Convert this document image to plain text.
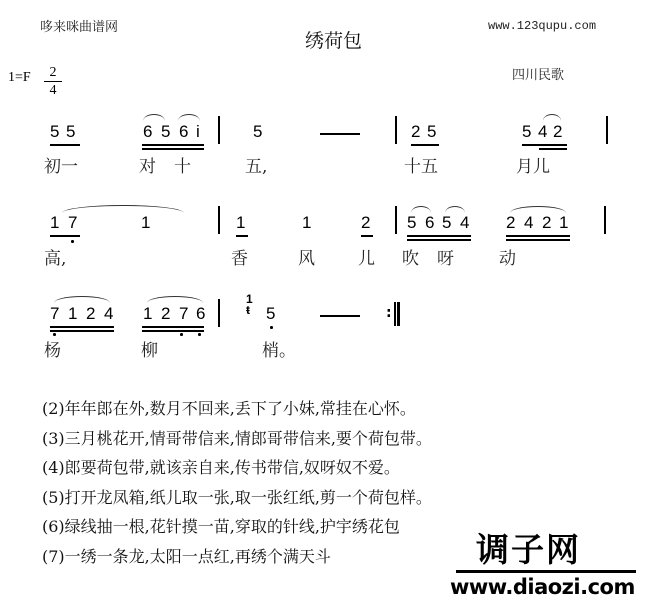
哆来咪曲谱网	www.123qupu.com
绣荷包
四川民歌
$1=F \frac{2}{4}$
5 5	6 5 6 i	5	2 5	5 4 2
初一	对 十	五,	十五	月儿
1 7	1	1	1	2 5 6 5 4 2 4 2 1
高,	香	风	儿 吹 呀	动
7 1 2 4 1 2 7 6
1
ŧ 5	:
杨	柳	梢。
(2)年年郎在外,数月不回来,丢下了小妹,常挂在心怀。
(3)三月桃花开,情哥带信来,情郎哥带信来,要个荷包带。
(4)郎要荷包带,就该亲自来,传书带信,奴呀奴不爱。
(5)打开龙凤箱,纸儿取一张,取一张红纸,剪一个荷包样。
(6)绿线抽一根,花针摸一苗,穿取的针线,护宇绣花包
(7)一绣一条龙,太阳一点红,再绣个满天斗	调子网
www.diaozi.com
